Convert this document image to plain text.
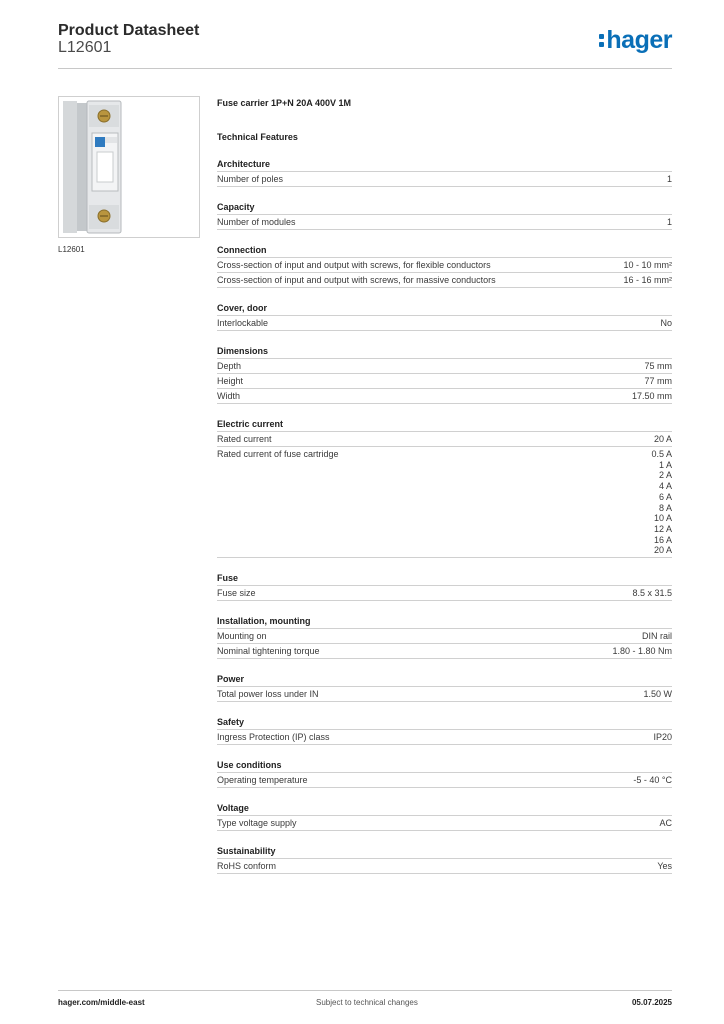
Product Datasheet
L12601	hager
L12601
Fuse carrier 1P+N 20A 400V 1M
Technical Features
Architecture
Number of poles	1
Capacity
Number of modules	1
Connection
Cross-section of input and output with screws, for flexible conductors	10 - 10 mm²
Cross-section of input and output with screws, for massive conductors	16 - 16 mm²
Cover, door
Interlockable	No
Dimensions
Depth	75 mm
Height	77 mm
Width	17.50 mm
Electric current
Rated current	20 A
Rated current of fuse cartridge	0.5 A
1 A
2 A
4 A
6 A
8 A
10 A
12 A
16 A
20 A
Fuse
Fuse size	8.5 x 31.5
Installation, mounting
Mounting on	DIN rail
Nominal tightening torque	1.80 - 1.80 Nm
Power
Total power loss under IN	1.50 W
Safety
Ingress Protection (IP) class	IP20
Use conditions
Operating temperature	-5 - 40 °C
Voltage
Type voltage supply	AC
Sustainability
RoHS conform	Yes
hager.com/middle-east	Subject to technical changes	05.07.2025
